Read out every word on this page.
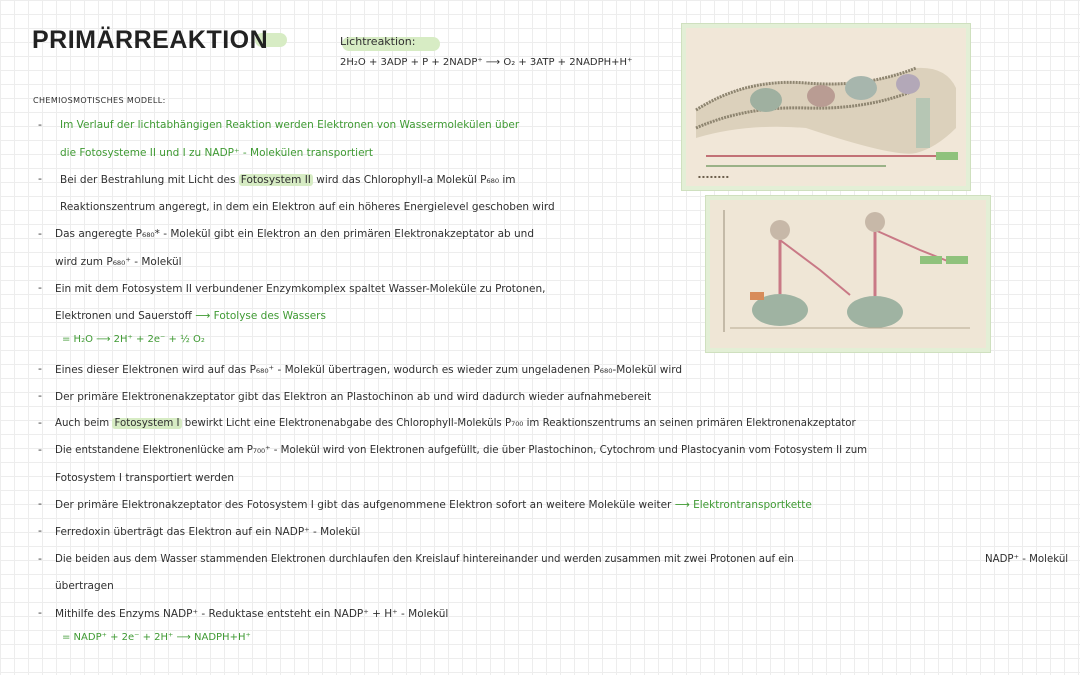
PRIMÄRREAKTION	Lichtreaktion:
2H₂O + 3ADP + P + 2NADP⁺ ⟶ O₂ + 3ATP + 2NADPH+H⁺
CHEMIOSMOTISCHES MODELL:
- Im Verlauf der lichtabhängigen Reaktion werden Elektronen von Wassermolekülen über
die Fotosysteme II und I zu NADP⁺ - Molekülen transportiert
- Bei der Bestrahlung mit Licht des Fotosystem II wird das Chlorophyll-a Molekül P₆₈₀ im
Reaktionszentrum angeregt, in dem ein Elektron auf ein höheres Energielevel geschoben wird
- Das angeregte P₆₈₀* - Molekül gibt ein Elektron an den primären Elektronakzeptator ab und
wird zum P₆₈₀⁺ - Molekül
- Ein mit dem Fotosystem II verbundener Enzymkomplex spaltet Wasser-Moleküle zu Protonen,
Elektronen und Sauerstoff ⟶ Fotolyse des Wassers
= H₂O ⟶ 2H⁺ + 2e⁻ + ½ O₂
- Eines dieser Elektronen wird auf das P₆₈₀⁺ - Molekül übertragen, wodurch es wieder zum ungeladenen P₆₈₀-Molekül wird
- Der primäre Elektronenakzeptator gibt das Elektron an Plastochinon ab und wird dadurch wieder aufnahmebereit
- Auch beim Fotosystem I bewirkt Licht eine Elektronenabgabe des Chlorophyll-Moleküls P₇₀₀ im Reaktionszentrums an seinen primären Elektronenakzeptator
- Die entstandene Elektronenlücke am P₇₀₀⁺ - Molekül wird von Elektronen aufgefüllt, die über Plastochinon, Cytochrom und Plastocyanin vom Fotosystem II zum
Fotosystem I transportiert werden
- Der primäre Elektronakzeptator des Fotosystem I gibt das aufgenommene Elektron sofort an weitere Moleküle weiter ⟶ Elektrontransportkette
- Ferredoxin überträgt das Elektron auf ein NADP⁺ - Molekül
- Die beiden aus dem Wasser stammenden Elektronen durchlaufen den Kreislauf hintereinander und werden zusammen mit zwei Protonen auf ein	NADP⁺ - Molekül
übertragen
- Mithilfe des Enzyms NADP⁺ - Reduktase entsteht ein NADP⁺ + H⁺ - Molekül
= NADP⁺ + 2e⁻ + 2H⁺ ⟶ NADPH+H⁺
▪ ▪ ▪ ▪ ▪ ▪ ▪ ▪
